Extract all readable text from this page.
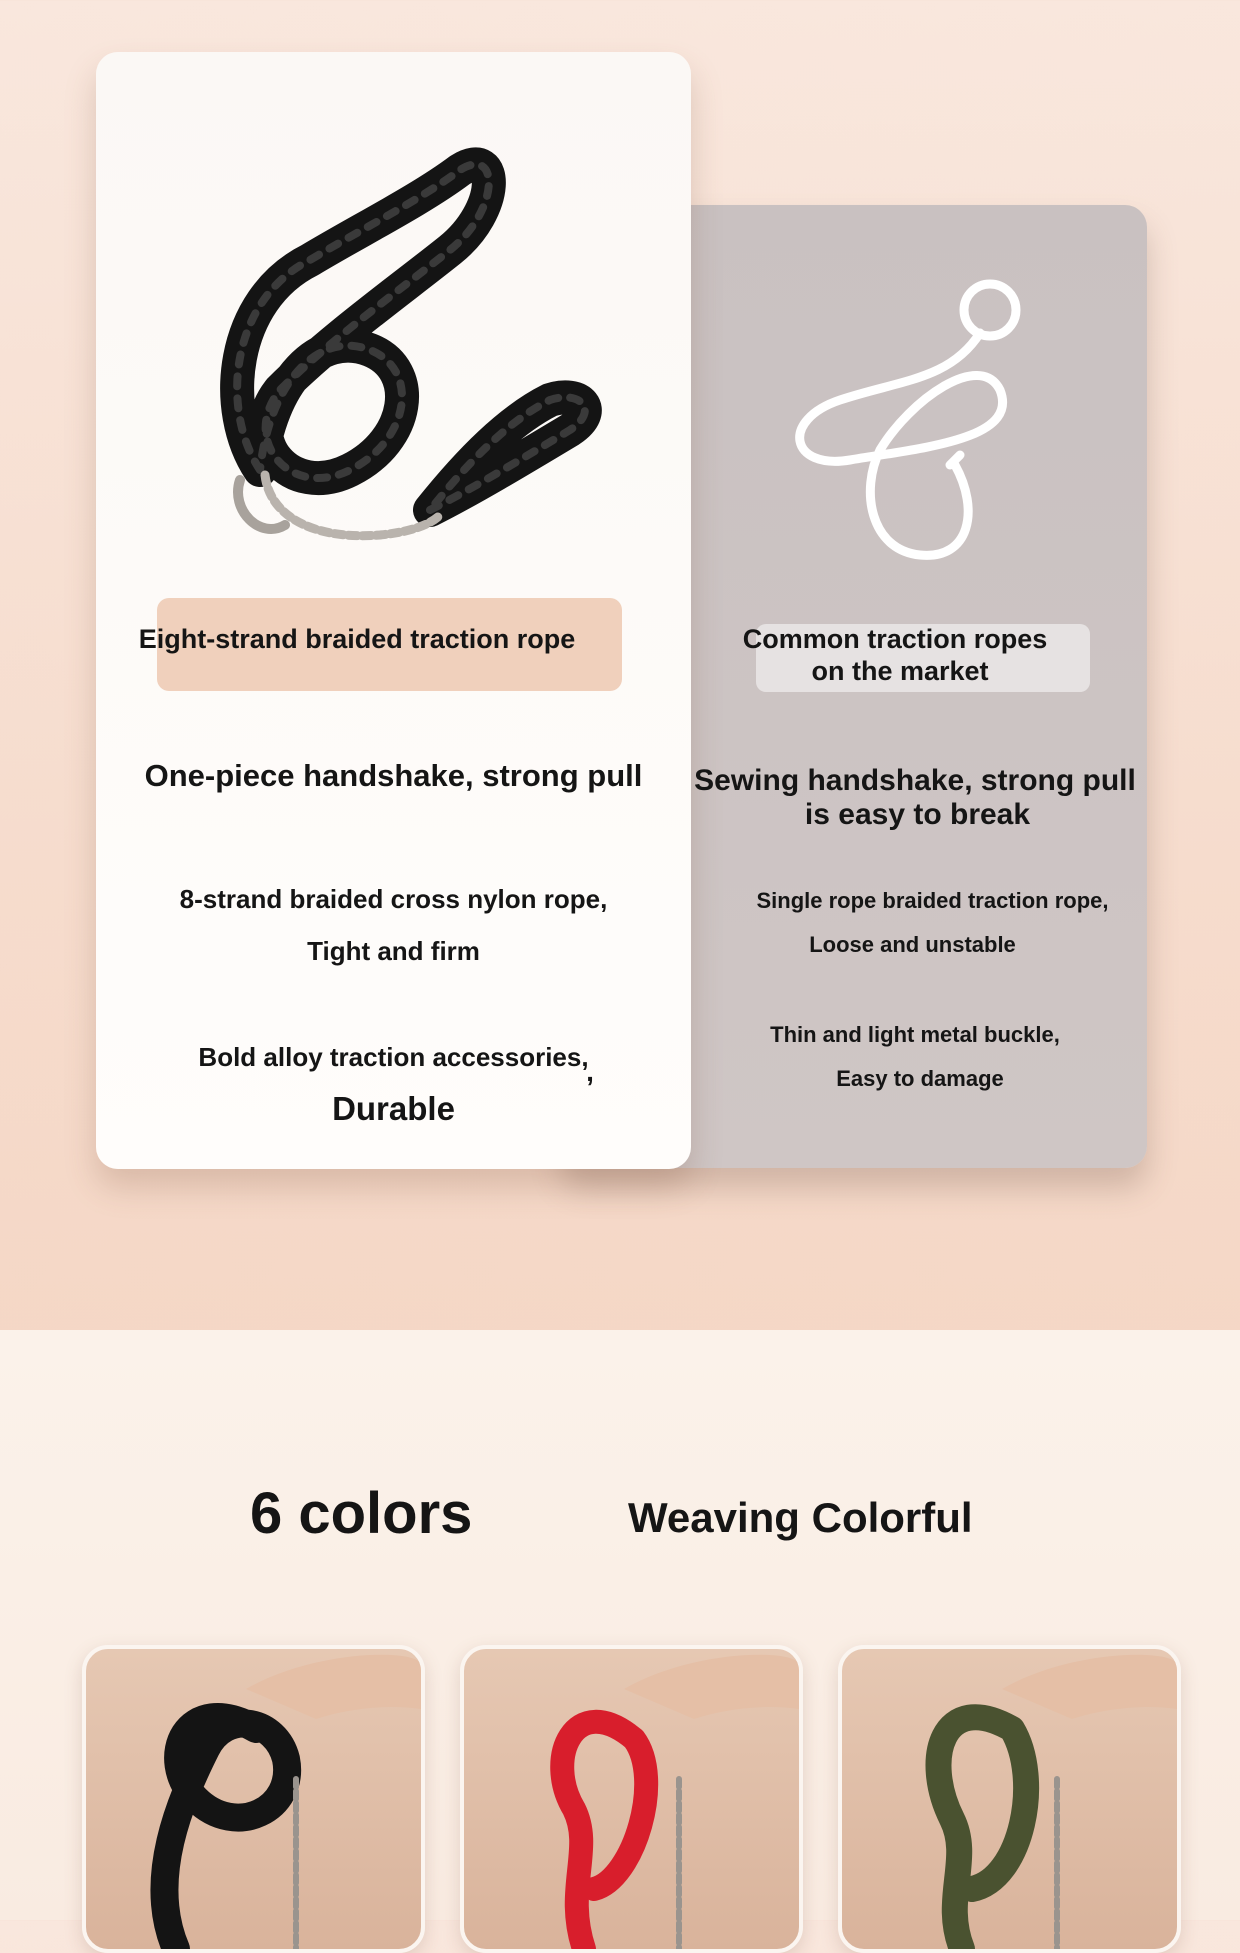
Eight-strand braided traction rope	Common traction ropes
on the market
One-piece handshake, strong pull
8-strand braided cross nylon rope,
Tight and firm
Bold alloy traction accessories,
,
Durable
Sewing handshake, strong pull
is easy to break
Single rope braided traction rope,
Loose and unstable
Thin and light metal buckle,
Easy to damage
6 colors	Weaving Colorful
